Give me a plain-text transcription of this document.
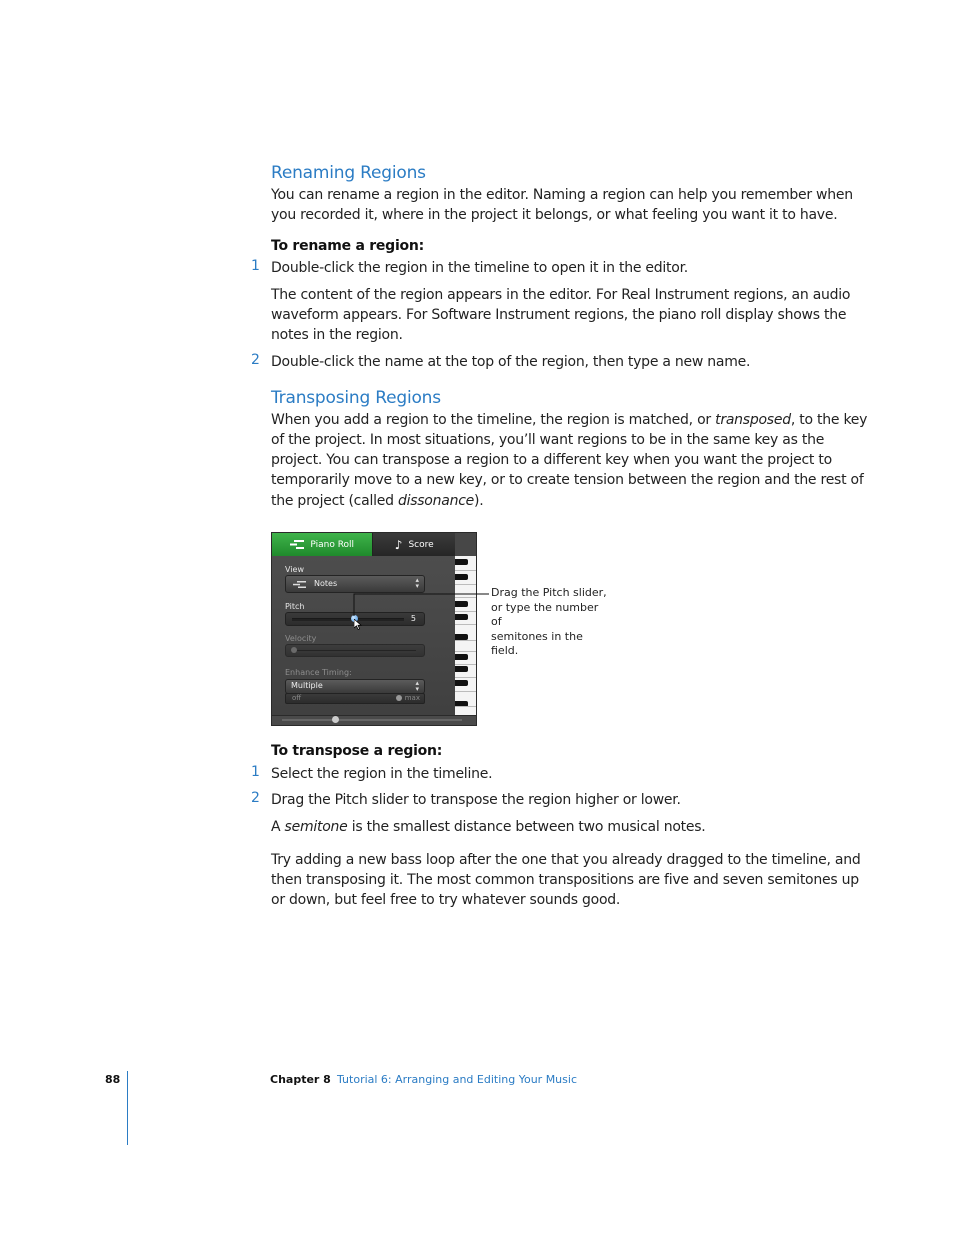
Renaming Regions
You can rename a region in the editor. Naming a region can help you remember when
you recorded it, where in the project it belongs, or what feeling you want it to have.
To rename a region:
1 Double-click the region in the timeline to open it in the editor.
The content of the region appears in the editor. For Real Instrument regions, an audio
waveform appears. For Software Instrument regions, the piano roll display shows the
notes in the region.
2 Double-click the name at the top of the region, then type a new name.
Transposing Regions
When you add a region to the timeline, the region is matched, or transposed, to the key
of the project. In most situations, you’ll want regions to be in the same key as the
project. You can transpose a region to a different key when you want the project to
temporarily move to a new key, or to create tension between the region and the rest of
the project (called dissonance).
Piano Roll	♪ Score
View
Notes	▴
▾
Pitch
5
Velocity
Enhance Timing:
Multiple	▴
▾
off	max
Drag the Pitch slider,
or type the number of
semitones in the field.
To transpose a region:
1 Select the region in the timeline.
2 Drag the Pitch slider to transpose the region higher or lower.
A semitone is the smallest distance between two musical notes.
Try adding a new bass loop after the one that you already dragged to the timeline, and
then transposing it. The most common transpositions are five and seven semitones up
or down, but feel free to try whatever sounds good.
88	Chapter 8 Tutorial 6: Arranging and Editing Your Music
